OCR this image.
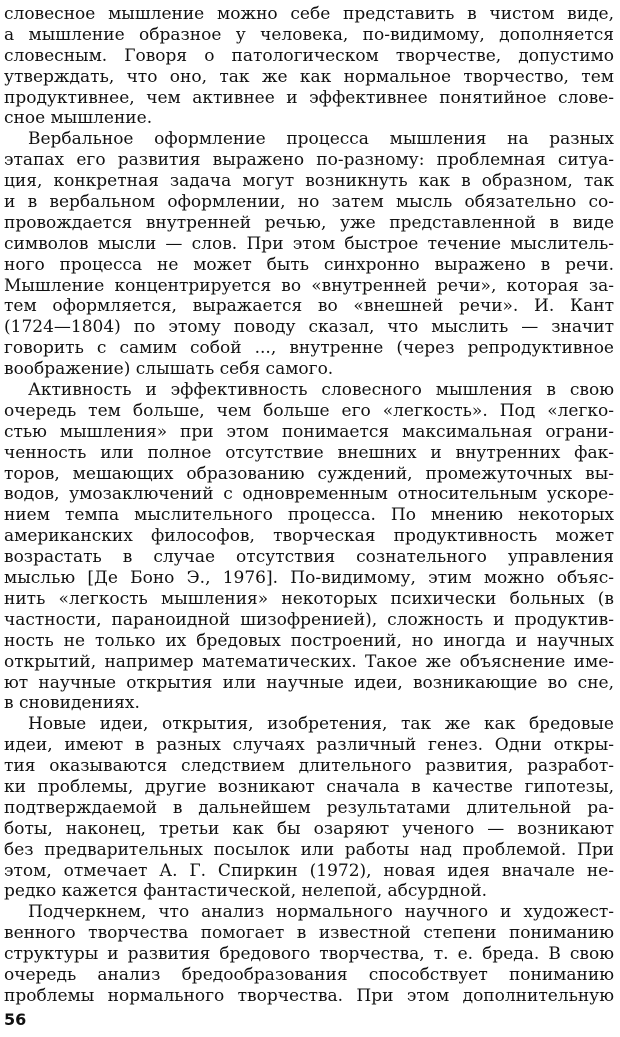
словесное мышление можно себе представить в чистом виде,
а мышление образное у человека, по-видимому, дополняется
словесным. Говоря о патологическом творчестве, допустимо
утверждать, что оно, так же как нормальное творчество, тем
продуктивнее, чем активнее и эффективнее понятийное слове-
сное мышление.
Вербальное оформление процесса мышления на разных
этапах его развития выражено по-разному: проблемная ситуа-
ция, конкретная задача могут возникнуть как в образном, так
и в вербальном оформлении, но затем мысль обязательно со-
провождается внутренней речью, уже представленной в виде
символов мысли — слов. При этом быстрое течение мыслитель-
ного процесса не может быть синхронно выражено в речи.
Мышление концентрируется во «внутренней речи», которая за-
тем оформляется, выражается во «внешней речи». И. Кант
(1724—1804) по этому поводу сказал, что мыслить — значит
говорить с самим собой ..., внутренне (через репродуктивное
воображение) слышать себя самого.
Активность и эффективность словесного мышления в свою
очередь тем больше, чем больше его «легкость». Под «легко-
стью мышления» при этом понимается максимальная ограни-
ченность или полное отсутствие внешних и внутренних фак-
торов, мешающих образованию суждений, промежуточных вы-
водов, умозаключений с одновременным относительным ускоре-
нием темпа мыслительного процесса. По мнению некоторых
американских философов, творческая продуктивность может
возрастать в случае отсутствия сознательного управления
мыслью [Де Боно Э., 1976]. По-видимому, этим можно объяс-
нить «легкость мышления» некоторых психически больных (в
частности, параноидной шизофренией), сложность и продуктив-
ность не только их бредовых построений, но иногда и научных
открытий, например математических. Такое же объяснение име-
ют научные открытия или научные идеи, возникающие во сне,
в сновидениях.
Новые идеи, открытия, изобретения, так же как бредовые
идеи, имеют в разных случаях различный генез. Одни откры-
тия оказываются следствием длительного развития, разработ-
ки проблемы, другие возникают сначала в качестве гипотезы,
подтверждаемой в дальнейшем результатами длительной ра-
боты, наконец, третьи как бы озаряют ученого — возникают
без предварительных посылок или работы над проблемой. При
этом, отмечает А. Г. Спиркин (1972), новая идея вначале не-
редко кажется фантастической, нелепой, абсурдной.
Подчеркнем, что анализ нормального научного и художест-
венного творчества помогает в известной степени пониманию
структуры и развития бредового творчества, т. е. бреда. В свою
очередь анализ бредообразования способствует пониманию
проблемы нормального творчества. При этом дополнительную
56
